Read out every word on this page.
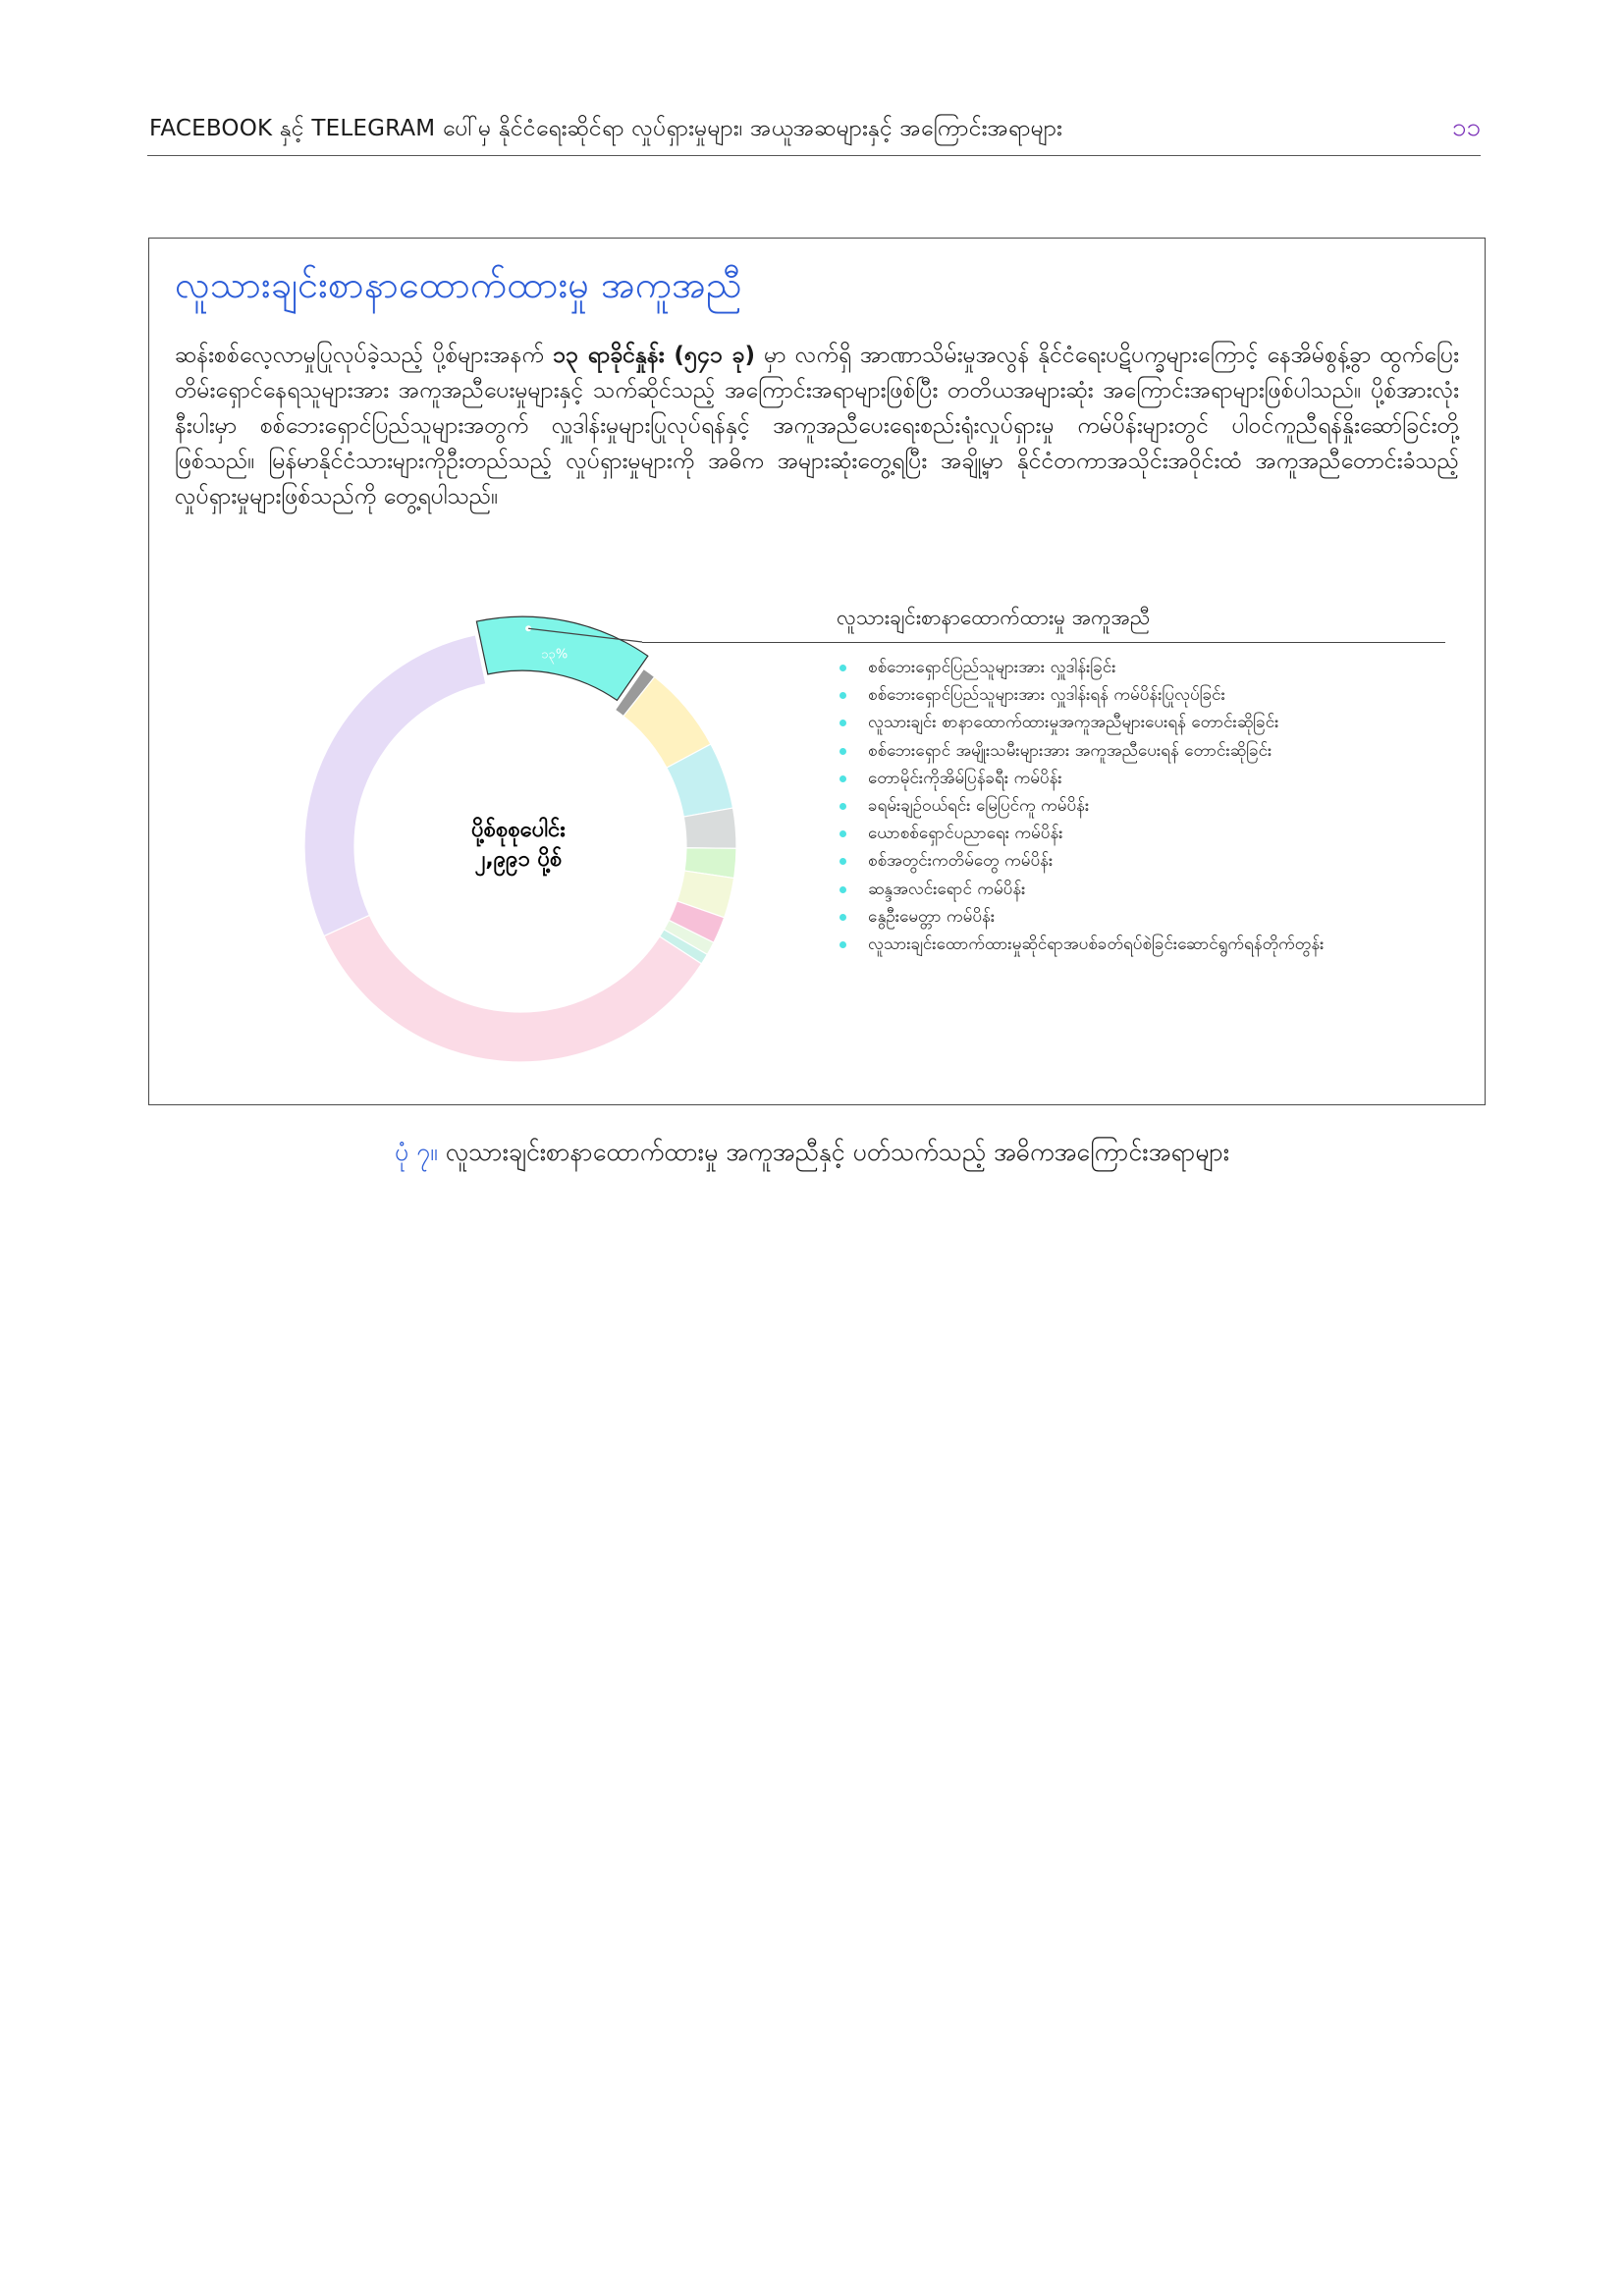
FACEBOOK နှင့် TELEGRAM ပေါ်မှ နိုင်ငံရေးဆိုင်ရာ လှုပ်ရှားမှုများ၊ အယူအဆများနှင့် အကြောင်းအရာများ	၁၁
လူသားချင်းစာနာထောက်ထားမှု အကူအညီ
ဆန်းစစ်လေ့လာမှုပြုလုပ်ခဲ့သည့် ပို့စ်များအနက် ၁၃ ရာခိုင်နှုန်း (၅၄၁ ခု) မှာ လက်ရှိ အာဏာသိမ်းမှုအလွန် နိုင်ငံရေးပဋိပက္ခများကြောင့် နေအိမ်စွန့်ခွာ ထွက်ပြေးတိမ်းရှောင်နေရသူများအား အကူအညီပေးမှုများနှင့် သက်ဆိုင်သည့် အကြောင်းအရာများဖြစ်ပြီး တတိယအများဆုံး အကြောင်းအရာများဖြစ်ပါသည်။ ပို့စ်အားလုံးနီးပါးမှာ စစ်ဘေးရှောင်ပြည်သူများအတွက် လှူဒါန်းမှုများပြုလုပ်ရန်နှင့် အကူအညီပေးရေးစည်းရုံးလှုပ်ရှားမှု ကမ်ပိန်းများတွင် ပါဝင်ကူညီရန်နှိုးဆော်ခြင်းတို့ဖြစ်သည်။ မြန်မာနိုင်ငံသားများကိုဦးတည်သည့် လှုပ်ရှားမှုများကို အဓိက အများဆုံးတွေ့ရပြီး အချို့မှာ နိုင်ငံတကာအသိုင်းအဝိုင်းထံ အကူအညီတောင်းခံသည့် လှုပ်ရှားမှုများဖြစ်သည်ကို တွေ့ရပါသည်။
၁၃%
ပို့စ်စုစုပေါင်း
၂,၉၉၁ ပို့စ်
လူသားချင်းစာနာထောက်ထားမှု အကူအညီ
စစ်ဘေးရှောင်ပြည်သူများအား လှူဒါန်းခြင်း
စစ်ဘေးရှောင်ပြည်သူများအား လှူဒါန်းရန် ကမ်ပိန်းပြုလုပ်ခြင်း
လူသားချင်း စာနာထောက်ထားမှုအကူအညီများပေးရန် တောင်းဆိုခြင်း
စစ်ဘေးရှောင် အမျိုးသမီးများအား အကူအညီပေးရန် တောင်းဆိုခြင်း
တောမိုင်းကိုအိမ်ပြန်ခရီး ကမ်ပိန်း
ခရမ်းချဥ်ဝယ်ရင်း မြေပြင်ကူ ကမ်ပိန်း
ယောစစ်ရှောင်ပညာရေး ကမ်ပိန်း
စစ်အတွင်းကတိမ်တွေ ကမ်ပိန်း
ဆန္ဒအလင်းရောင် ကမ်ပိန်း
နွေဦးမေတ္တာ ကမ်ပိန်း
လူသားချင်းထောက်ထားမှုဆိုင်ရာအပစ်ခတ်ရပ်စဲခြင်းဆောင်ရွက်ရန်တိုက်တွန်း
ပုံ ၇။ လူသားချင်းစာနာထောက်ထားမှု အကူအညီနှင့် ပတ်သက်သည့် အဓိကအကြောင်းအရာများ
